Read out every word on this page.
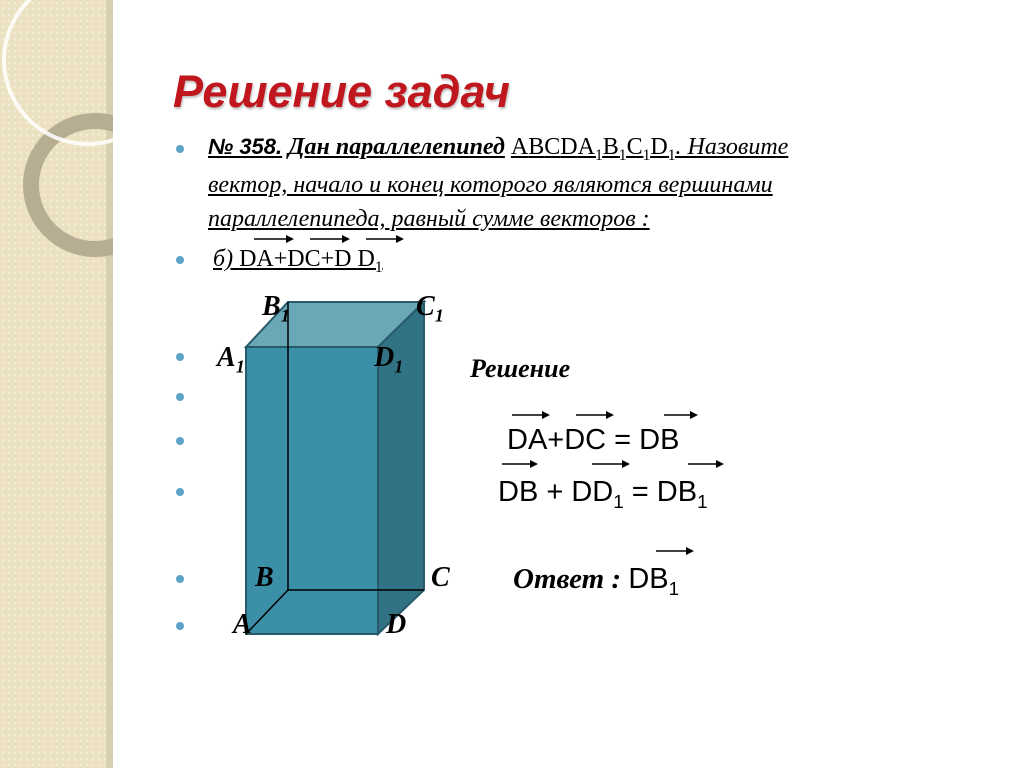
Решение задач
№ 358. Дан параллелепипед $ABCDA_1B_1C_1D_1$. Назовите
вектор, начало и конец которого являются вершинами
параллелепипеда, равный сумме векторов :
б) DA+DC+D $D_1$
$B_1$	$C_1$
$A_1$	$D_1$
B	C
A	D
Решение
DA+DC = DB
DB + $DD_1 = DB_1$
Ответ : $DB_1$
